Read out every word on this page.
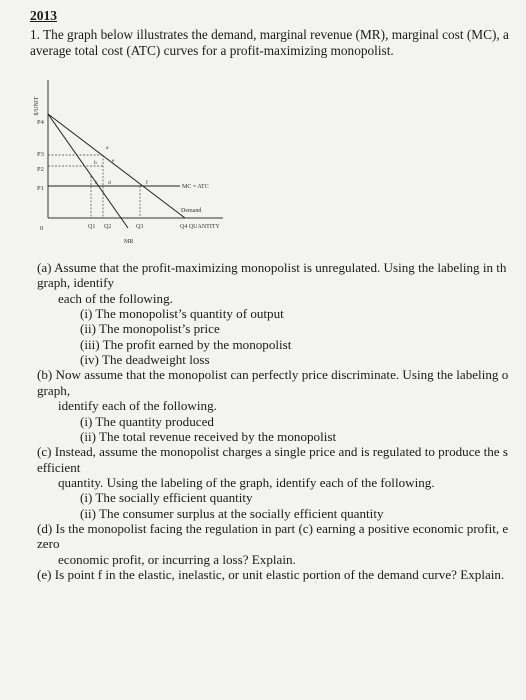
2013
1. The graph below illustrates the demand, marginal revenue (MR), marginal cost (MC), a
average total cost (ATC) curves for a profit-maximizing monopolist.
$/UNIT
P4
P3
P2
P1
0
a
b
c d
e
f
Q1 Q2	Q3	Q4 QUANTITY
MC = ATC
Demand
MR
(a) Assume that the profit-maximizing monopolist is unregulated. Using the labeling in th
graph, identify
each of the following.
(i) The monopolist’s quantity of output
(ii) The monopolist’s price
(iii) The profit earned by the monopolist
(iv) The deadweight loss
(b) Now assume that the monopolist can perfectly price discriminate. Using the labeling o
graph,
identify each of the following.
(i) The quantity produced
(ii) The total revenue received by the monopolist
(c) Instead, assume the monopolist charges a single price and is regulated to produce the s
efficient
quantity. Using the labeling of the graph, identify each of the following.
(i) The socially efficient quantity
(ii) The consumer surplus at the socially efficient quantity
(d) Is the monopolist facing the regulation in part (c) earning a positive economic profit, e
zero
economic profit, or incurring a loss? Explain.
(e) Is point f in the elastic, inelastic, or unit elastic portion of the demand curve? Explain.
